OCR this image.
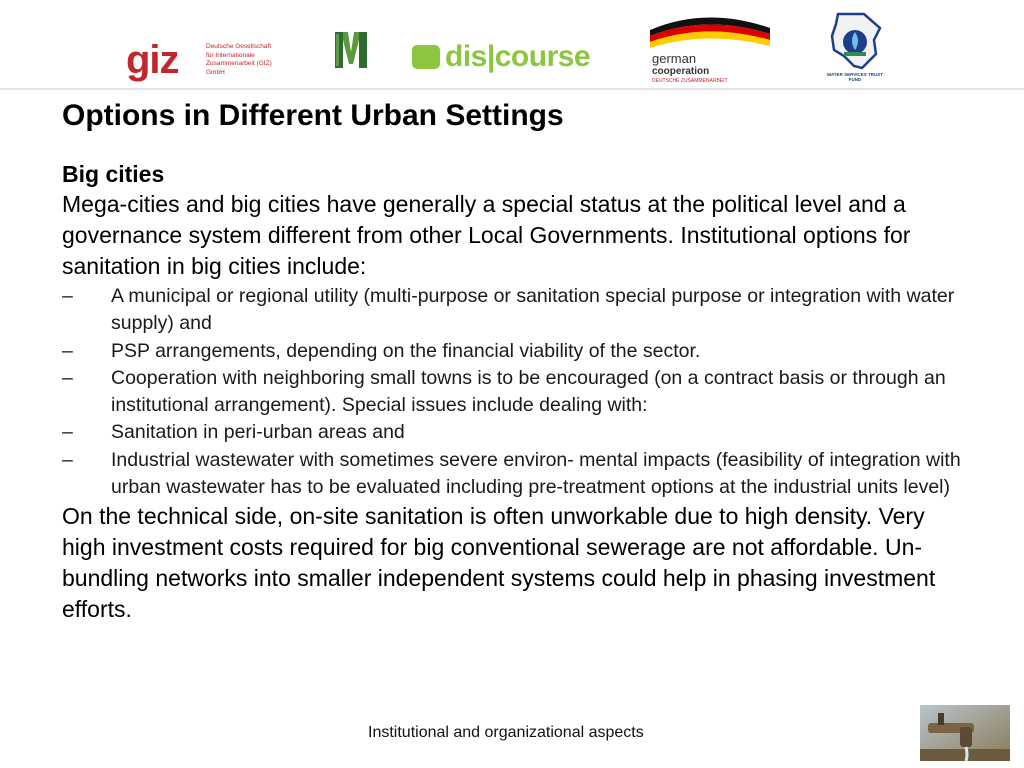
giz	Deutsche Gesellschaft
für Internationale
Zusammenarbeit (GIZ) GmbH	dis|course	german
cooperation
DEUTSCHE ZUSAMMENARBEIT
WATER SERVICES TRUST FUND
Options in Different Urban Settings
Big cities
Mega-cities and big cities have generally a special status at the political level and a governance system different from other Local Governments. Institutional options for sanitation in big cities include:
–	A municipal or regional utility (multi-purpose or sanitation special purpose or integration with water supply) and
–	PSP arrangements, depending on the financial viability of the sector.
–	Cooperation with neighboring small towns is to be encouraged (on a contract basis or through an institutional arrangement). Special issues include dealing with:
–	Sanitation in peri-urban areas and
–	Industrial wastewater with sometimes severe environ- mental impacts (feasibility of integration with urban wastewater has to be evaluated including pre-treatment options at the industrial units level)
On the technical side, on-site sanitation is often unworkable due to high density. Very high investment costs required for big conventional sewerage are not affordable. Un- bundling networks into smaller independent systems could help in phasing investment efforts.
Institutional and organizational aspects
